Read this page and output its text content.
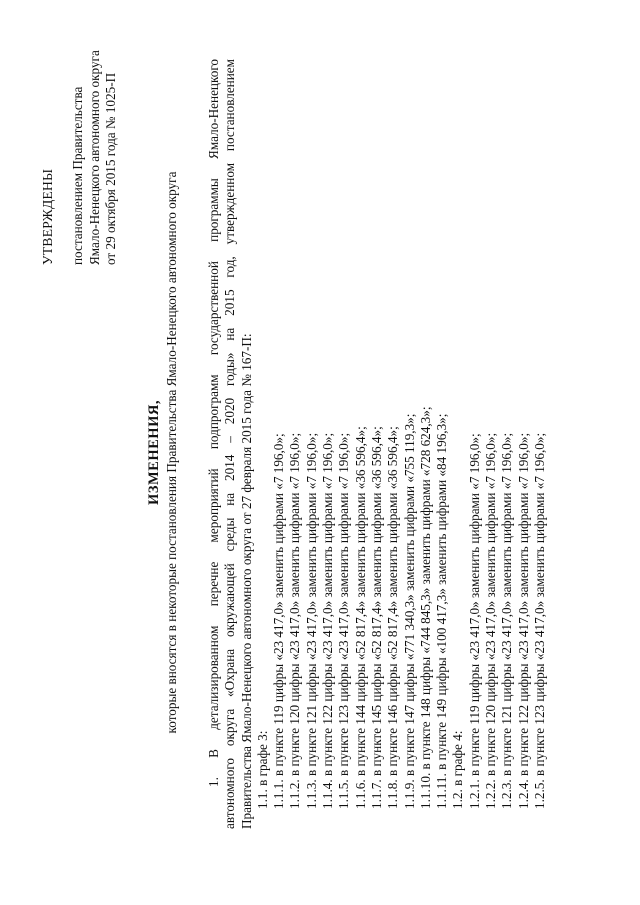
УТВЕРЖДЕНЫ постановлением Правительства Ямало-Ненецкого автономного округа от 29 октября 2015 года № 1025-П
ИЗМЕНЕНИЯ, которые вносятся в некоторые постановления Правительства Ямало-Ненецкого автономного округа 1. В детализированном перечне мероприятий подпрограмм государственной программы Ямало-Ненецкого автономного округа «Охрана окружающей среды на 2014 – 2020 годы» на 2015 год, утвержденном постановлением Правительства Ямало-Ненецкого автономного округа от 27 февраля 2015 года № 167-П: 1.1. в графе 3: 1.1.1. в пункте 119 цифры «23 417,0» заменить цифрами «7 196,0»; 1.1.2. в пункте 120 цифры «23 417,0» заменить цифрами «7 196,0»; 1.1.3. в пункте 121 цифры «23 417,0» заменить цифрами «7 196,0»; 1.1.4. в пункте 122 цифры «23 417,0» заменить цифрами «7 196,0»; 1.1.5. в пункте 123 цифры «23 417,0» заменить цифрами «7 196,0»; 1.1.6. в пункте 144 цифры «52 817,4» заменить цифрами «36 596,4»; 1.1.7. в пункте 145 цифры «52 817,4» заменить цифрами «36 596,4»; 1.1.8. в пункте 146 цифры «52 817,4» заменить цифрами «36 596,4»; 1.1.9. в пункте 147 цифры «771 340,3» заменить цифрами «755 119,3»; 1.1.10. в пункте 148 цифры «744 845,3» заменить цифрами «728 624,3»; 1.1.11. в пункте 149 цифры «100 417,3» заменить цифрами «84 196,3»; 1.2. в графе 4: 1.2.1. в пункте 119 цифры «23 417,0» заменить цифрами «7 196,0»; 1.2.2. в пункте 120 цифры «23 417,0» заменить цифрами «7 196,0»; 1.2.3. в пункте 121 цифры «23 417,0» заменить цифрами «7 196,0»; 1.2.4. в пункте 122 цифры «23 417,0» заменить цифрами «7 196,0»; 1.2.5. в пункте 123 цифры «23 417,0» заменить цифрами «7 196,0»;
